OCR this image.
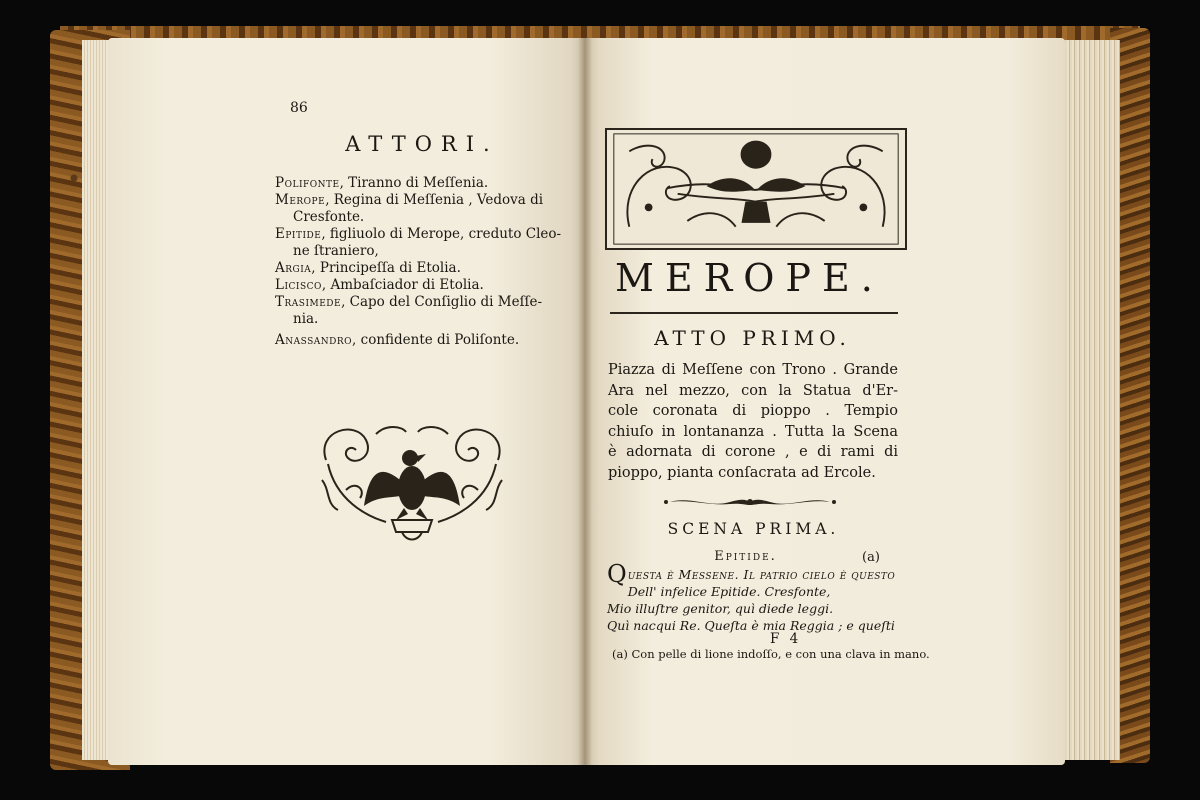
86
ATTORI.
Polifonte, Tiranno di Meſſenia.
Merope, Regina di Meſſenia , Vedova di
Cresfonte.
Epitide, figliuolo di Merope, creduto Cleo-
ne ſtraniero,
Argia, Principeſſa di Etolia.
Licisco, Ambaſciador di Etolia.
Trasimede, Capo del Conſiglio di Meſſe-
nia.
Anassandro, confidente di Poliſonte.
MEROPE.
ATTO PRIMO.
Piazza di Meſſene con Trono . Grande
Ara nel mezzo, con la Statua d'Er-
cole coronata di pioppo . Tempio
chiuſo in lontananza . Tutta la Scena
è adornata di corone , e di rami di
pioppo, pianta conſacrata ad Ercole.
SCENA PRIMA.
Epitide.	(a)
Questa è Meſſene. Il patrio cielo è queſto
Dell' infelice Epitide. Cresfonte,
Mio illuſtre genitor, quì diede leggi.
Quì nacqui Re. Queſta è mia Reggia ; e queſti
F 4
(a) Con pelle di lione indoſſo, e con una clava in mano.
